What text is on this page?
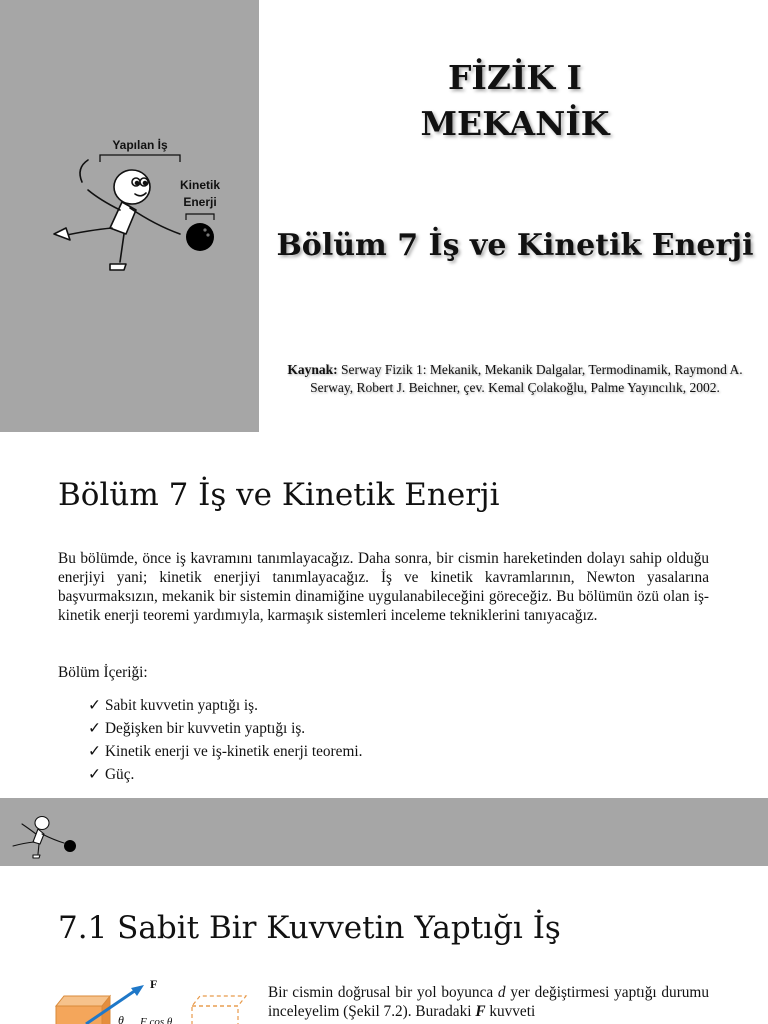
Yapılan İş
Kinetik
Enerji
FİZİK I
MEKANİK
Bölüm 7 İş ve Kinetik Enerji
Kaynak: Serway Fizik 1: Mekanik, Mekanik Dalgalar, Termodinamik, Raymond A. Serway, Robert J. Beichner, çev. Kemal Çolakoğlu, Palme Yayıncılık, 2002.
Bölüm 7 İş ve Kinetik Enerji

Bu bölümde, önce iş kavramını tanımlayacağız. Daha sonra, bir cismin hareketinden dolayı sahip olduğu enerjiyi yani; kinetik enerjiyi tanımlayacağız. İş ve kinetik kavramlarının, Newton yasalarına başvurmaksızın, mekanik bir sistemin dinamiğine uygulanabileceğini göreceğiz. Bu bölümün özü olan iş-kinetik enerji teoremi yardımıyla, karmaşık sistemleri inceleme tekniklerini tanıyacağız.

Bölüm İçeriği:
✓ Sabit kuvvetin yaptığı iş.
✓ Değişken bir kuvvetin yaptığı iş.
✓ Kinetik enerji ve iş-kinetik enerji teoremi.
✓ Güç.
7.1 Sabit Bir Kuvvetin Yaptığı İş
F
θ F cos θ

Bir cismin doğrusal bir yol boyunca d yer değiştirmesi yaptığı durumu inceleyelim (Şekil 7.2). Buradaki F kuvveti
